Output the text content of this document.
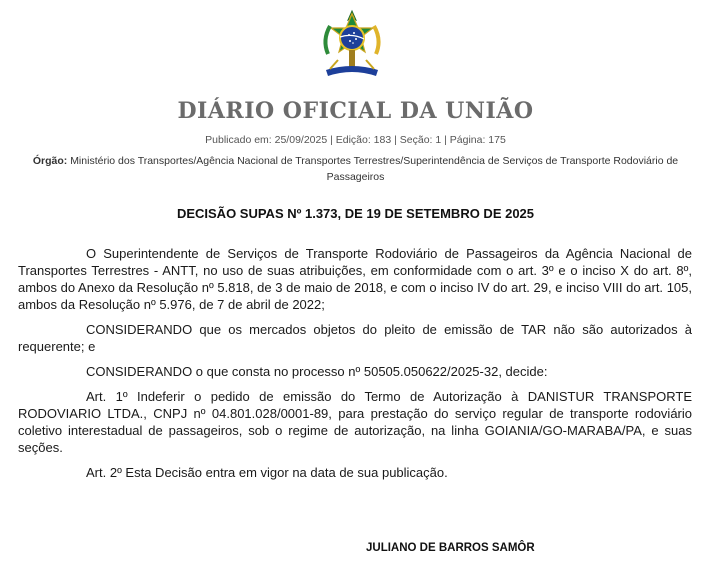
DIÁRIO OFICIAL DA UNIÃO
Publicado em: 25/09/2025 | Edição: 183 | Seção: 1 | Página: 175
Órgão: Ministério dos Transportes/Agência Nacional de Transportes Terrestres/Superintendência de Serviços de Transporte Rodoviário de Passageiros
DECISÃO SUPAS Nº 1.373, DE 19 DE SETEMBRO DE 2025

O Superintendente de Serviços de Transporte Rodoviário de Passageiros da Agência Nacional de Transportes Terrestres - ANTT, no uso de suas atribuições, em conformidade com o art. 3º e o inciso X do art. 8º, ambos do Anexo da Resolução nº 5.818, de 3 de maio de 2018, e com o inciso IV do art. 29, e inciso VIII do art. 105, ambos da Resolução nº 5.976, de 7 de abril de 2022;

CONSIDERANDO que os mercados objetos do pleito de emissão de TAR não são autorizados à requerente; e

CONSIDERANDO o que consta no processo nº 50505.050622/2025-32, decide:

Art. 1º Indeferir o pedido de emissão do Termo de Autorização à DANISTUR TRANSPORTE RODOVIARIO LTDA., CNPJ nº 04.801.028/0001-89, para prestação do serviço regular de transporte rodoviário coletivo interestadual de passageiros, sob o regime de autorização, na linha GOIANIA/GO-MARABA/PA, e suas seções.

Art. 2º Esta Decisão entra em vigor na data de sua publicação.

JULIANO DE BARROS SAMÔR
